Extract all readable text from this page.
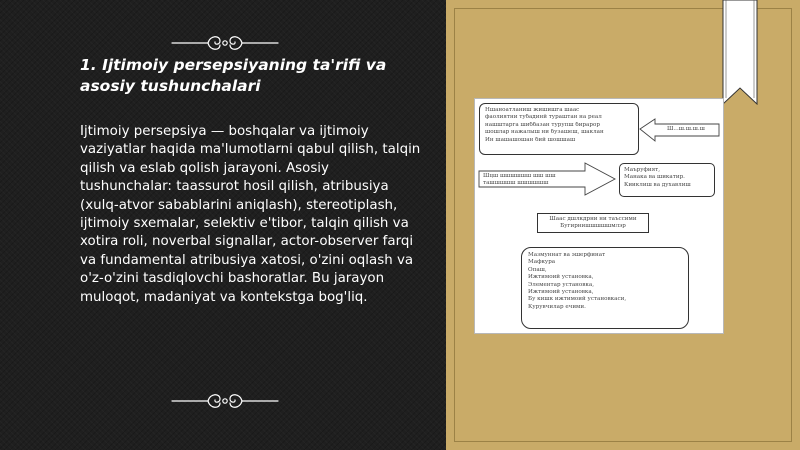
1. Ijtimoiy persepsiyaning ta'rifi va asosiy tushunchalari
Ijtimoiy persepsiya — boshqalar va ijtimoiy vaziyatlar haqida ma'lumotlarni qabul qilish, talqin qilish va eslab qolish jarayoni. Asosiy tushunchalar: taassurot hosil qilish, atribusiya (xulq-atvor sabablarini aniqlash), stereotiplash, ijtimoiy sxemalar, selektiv e'tibor, talqin qilish va xotira roli, noverbal signallar, actor-observer farqi va fundamental atribusiya xatosi, o'zini oqlash va o'z-o'zini tasdiqlovchi bashoratlar. Bu jarayon muloqot, madaniyat va kontekstga bog'liq.
Ншаноатланиш жишишга шаас
фаолиятни тубадинй тураштан на реал
нашштарга шиббазан турупш бирарор
шошлар нажалыш ни бузашеш, шаклан
Ин шашашошан бий шошшаш
Ш...ш.ш.ш.ш
Шцш шшшшшш шш шш
ташшшшш шшшшшш
Маъруфият,
Манака ва шикатир.
Кииклиш ва духавлиш
Шаас дшлкдрни ни таъссими
Бугирнишшшшшмлэр
Мазмуннат ва эшерфинат
Мафкура
Опаш,
Ижтимоий установка,
Элементар установка,
Ижтимоий установка,
Бу кишк ижтимоий установкаси,
Курувчилар ечими.
